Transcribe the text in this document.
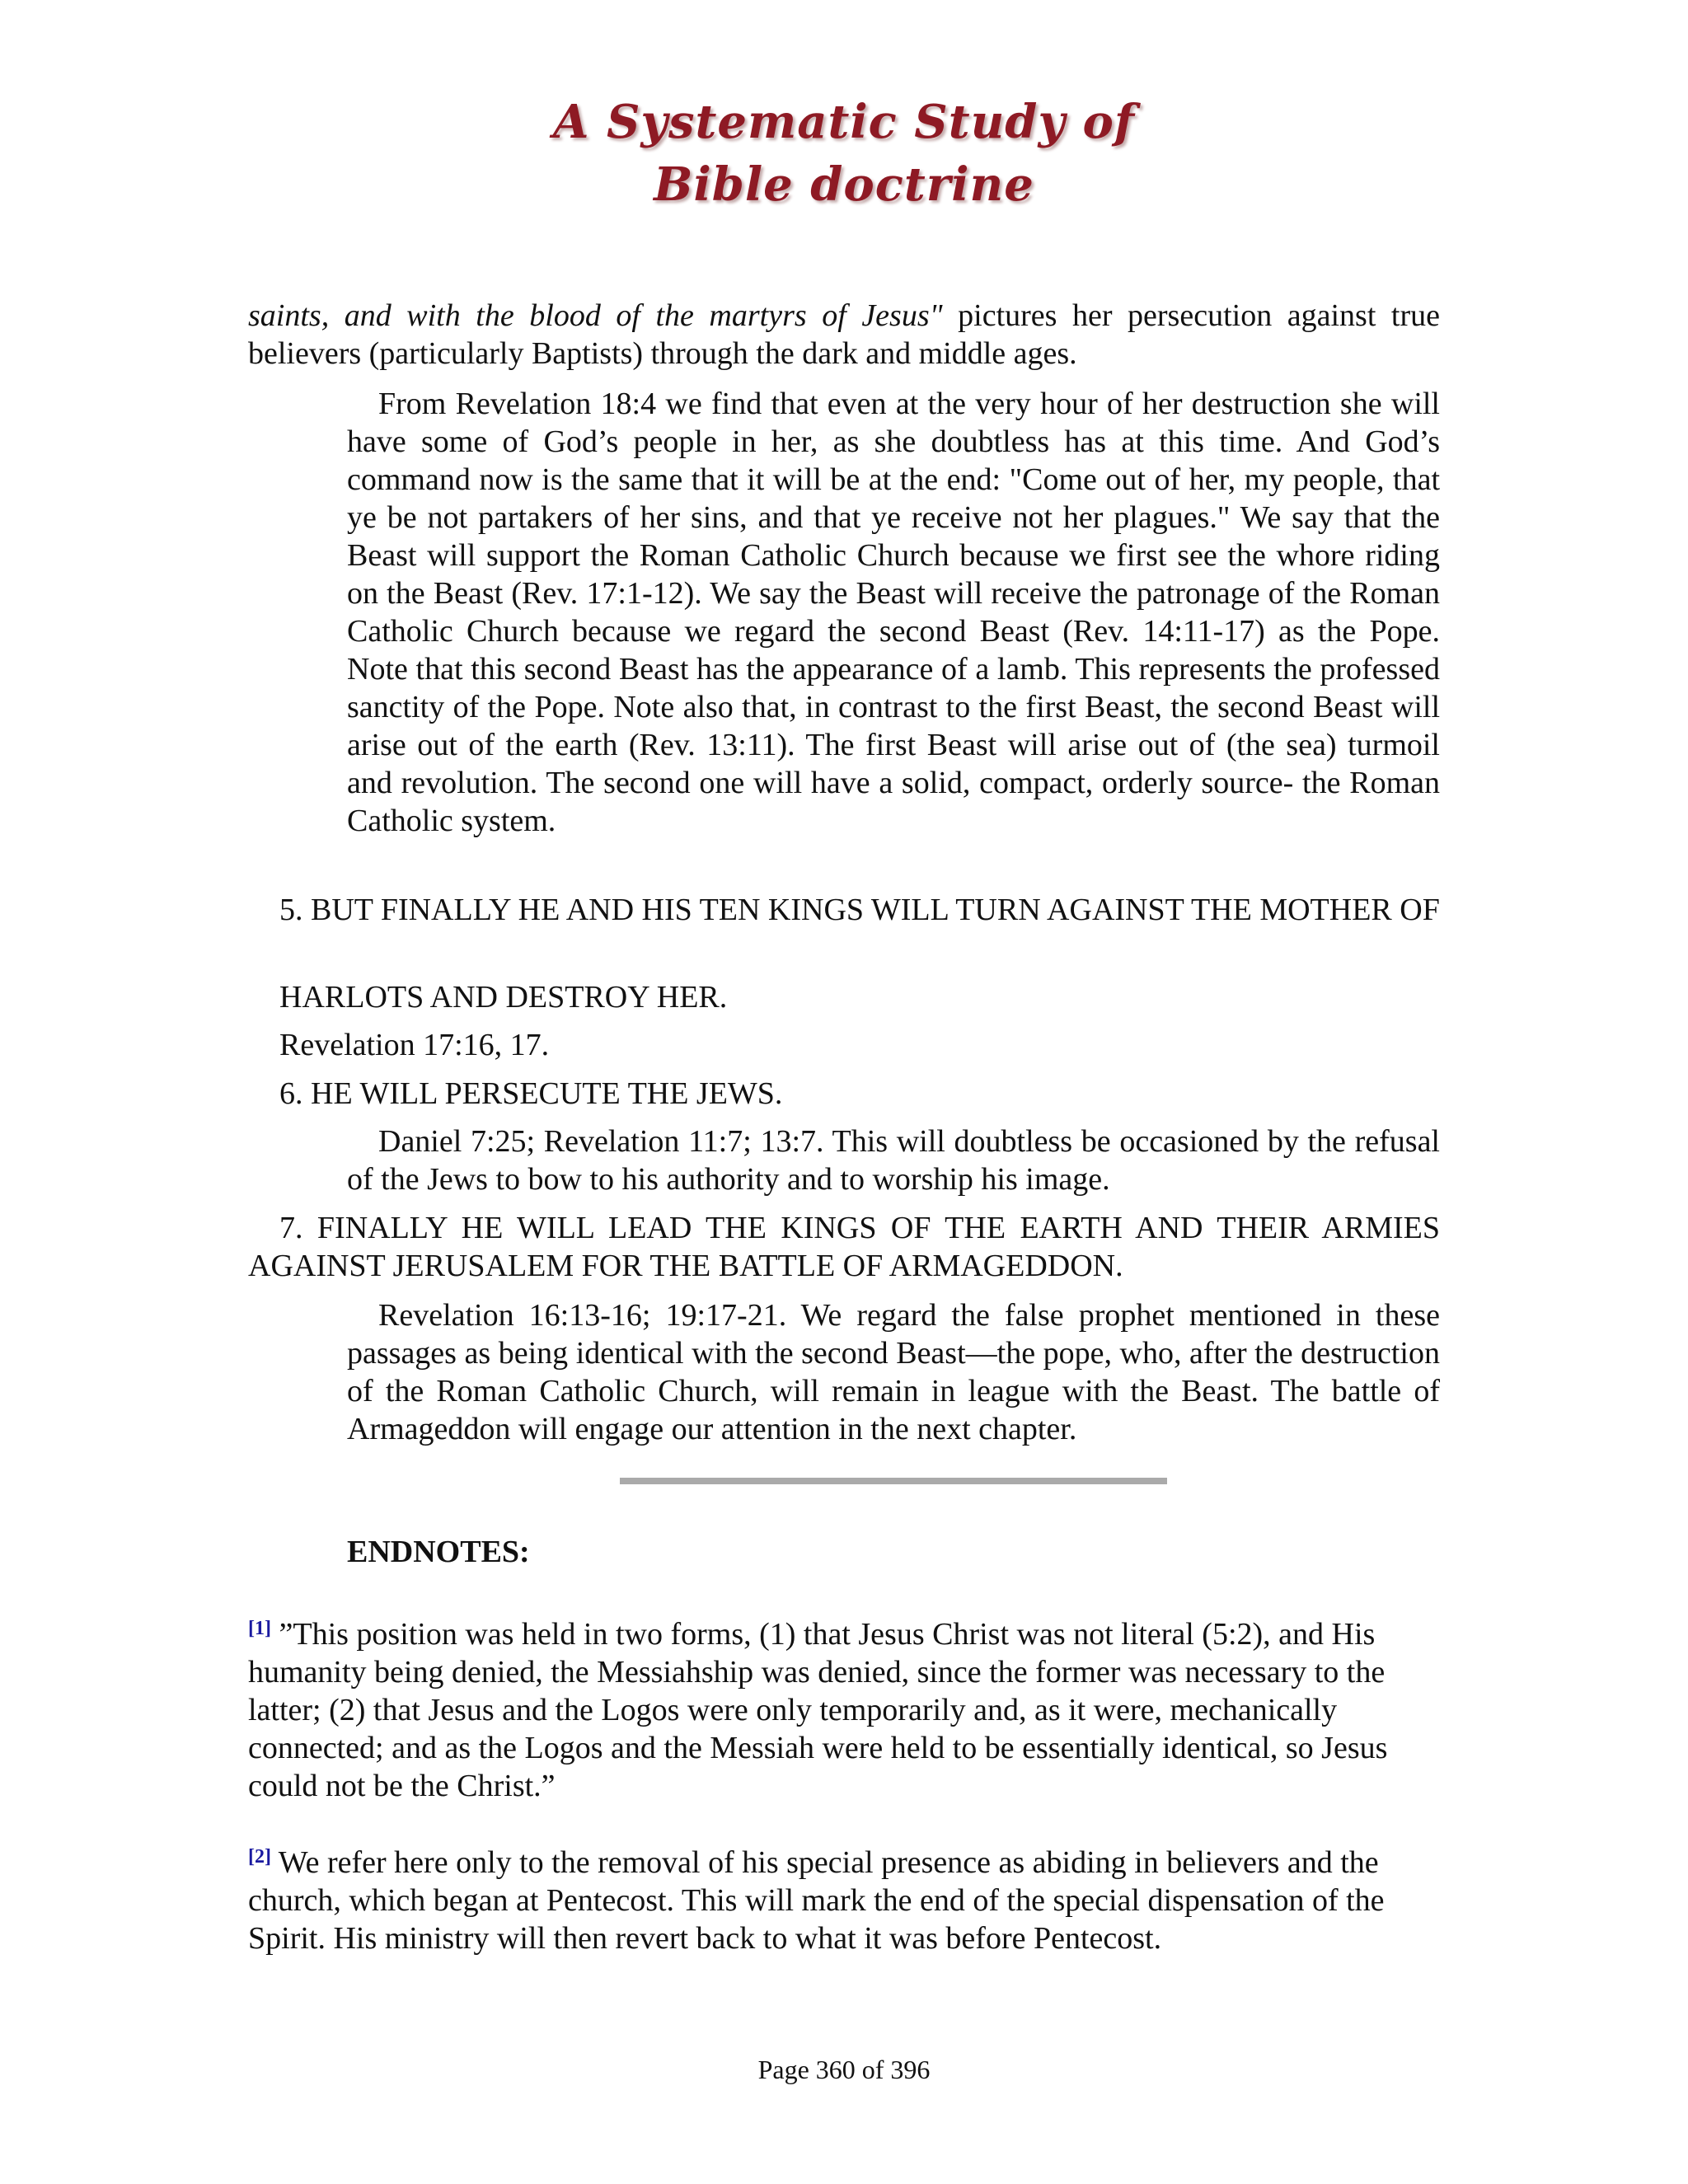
A Systematic Study of
Bible doctrine

saints, and with the blood of the martyrs of Jesus" pictures her persecution against true believers (particularly Baptists) through the dark and middle ages.

From Revelation 18:4 we find that even at the very hour of her destruction she will have some of God’s people in her, as she doubtless has at this time. And God’s command now is the same that it will be at the end: "Come out of her, my people, that ye be not partakers of her sins, and that ye receive not her plagues." We say that the Beast will support the Roman Catholic Church because we first see the whore riding on the Beast (Rev. 17:1-12). We say the Beast will receive the patronage of the Roman Catholic Church because we regard the second Beast (Rev. 14:11-17) as the Pope. Note that this second Beast has the appearance of a lamb. This represents the professed sanctity of the Pope. Note also that, in contrast to the first Beast, the second Beast will arise out of the earth (Rev. 13:11). The first Beast will arise out of (the sea) turmoil and revolution. The second one will have a solid, compact, orderly source- the Roman Catholic system.

5. BUT FINALLY HE AND HIS TEN KINGS WILL TURN AGAINST THE MOTHER OF

HARLOTS AND DESTROY HER.

Revelation 17:16, 17.

6. HE WILL PERSECUTE THE JEWS.

Daniel 7:25; Revelation 11:7; 13:7. This will doubtless be occasioned by the refusal of the Jews to bow to his authority and to worship his image.

7. FINALLY HE WILL LEAD THE KINGS OF THE EARTH AND THEIR ARMIES AGAINST JERUSALEM FOR THE BATTLE OF ARMAGEDDON.

Revelation 16:13-16; 19:17-21. We regard the false prophet mentioned in these passages as being identical with the second Beast—the pope, who, after the destruction of the Roman Catholic Church, will remain in league with the Beast. The battle of Armageddon will engage our attention in the next chapter.

ENDNOTES:

[1] ”This position was held in two forms, (1) that Jesus Christ was not literal (5:2), and His humanity being denied, the Messiahship was denied, since the former was necessary to the latter; (2) that Jesus and the Logos were only temporarily and, as it were, mechanically connected; and as the Logos and the Messiah were held to be essentially identical, so Jesus could not be the Christ.”

[2] We refer here only to the removal of his special presence as abiding in believers and the church, which began at Pentecost. This will mark the end of the special dispensation of the Spirit. His ministry will then revert back to what it was before Pentecost.

Page 360 of 396
